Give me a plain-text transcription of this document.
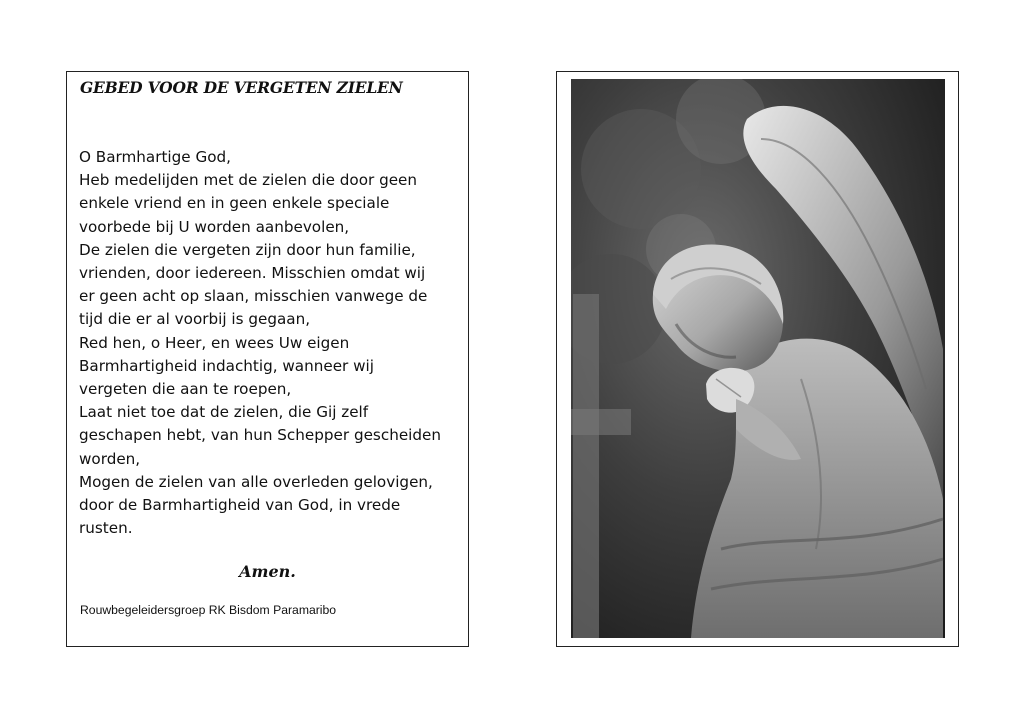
GEBED VOOR DE VERGETEN ZIELEN
O Barmhartige God,
Heb medelijden met de zielen die door geen
enkele vriend en in geen enkele speciale
voorbede bij U worden aanbevolen,
De zielen die vergeten zijn door hun familie,
vrienden, door iedereen. Misschien omdat wij
er geen acht op slaan, misschien vanwege de
tijd die er al voorbij is gegaan,
Red hen, o Heer, en wees Uw eigen
Barmhartigheid indachtig, wanneer wij
vergeten die aan te roepen,
Laat niet toe dat de zielen, die Gij zelf
geschapen hebt, van hun Schepper gescheiden
worden,
Mogen de zielen van alle overleden gelovigen,
door de Barmhartigheid van God, in vrede
rusten.
Amen.
Rouwbegeleidersgroep RK Bisdom Paramaribo
